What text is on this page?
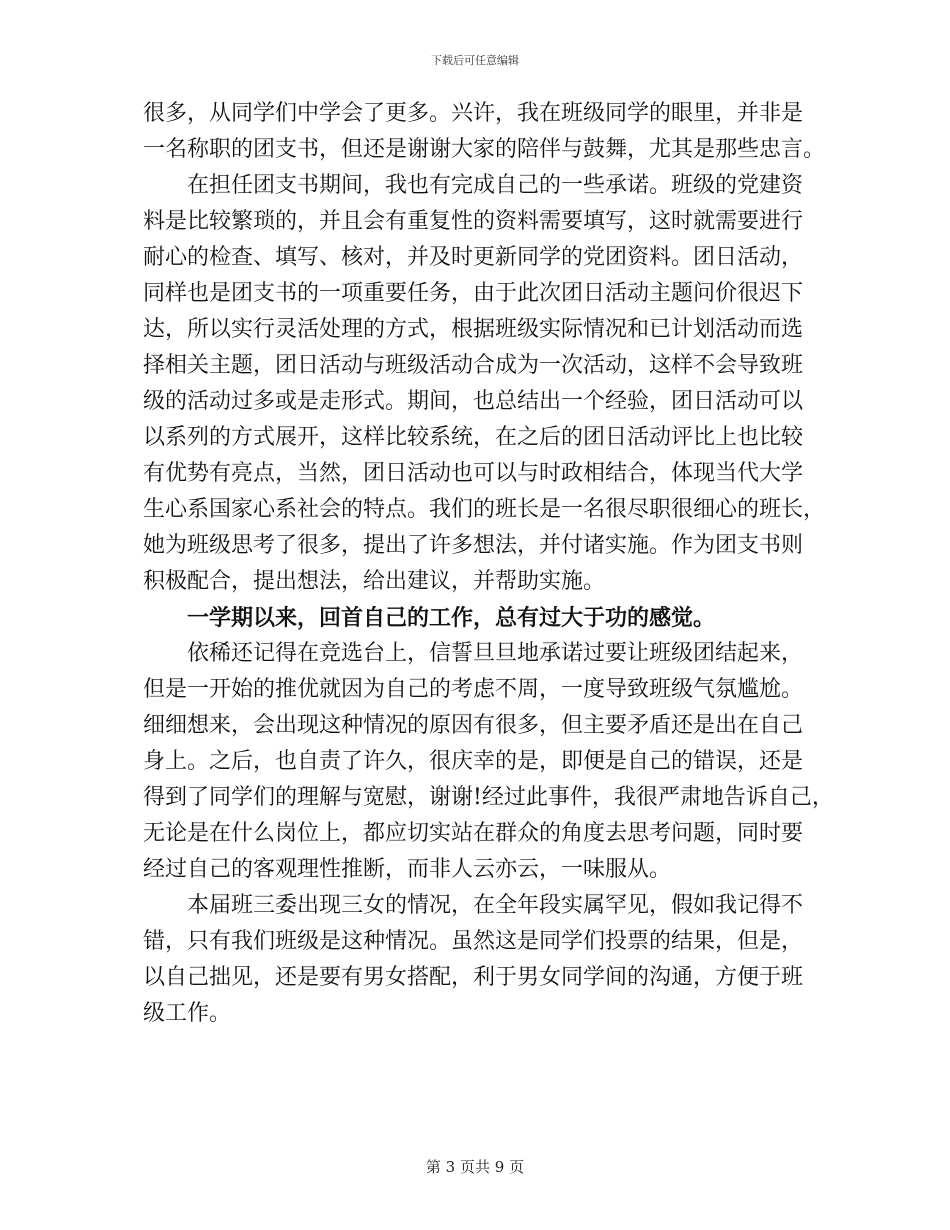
下载后可任意编辑
很多，从同学们中学会了更多。兴许，我在班级同学的眼里，并非是
一名称职的团支书，但还是谢谢大家的陪伴与鼓舞，尤其是那些忠言。
在担任团支书期间，我也有完成自己的一些承诺。班级的党建资
料是比较繁琐的，并且会有重复性的资料需要填写，这时就需要进行
耐心的检查、填写、核对，并及时更新同学的党团资料。团日活动，
同样也是团支书的一项重要任务，由于此次团日活动主题问价很迟下
达，所以实行灵活处理的方式，根据班级实际情况和已计划活动而选
择相关主题，团日活动与班级活动合成为一次活动，这样不会导致班
级的活动过多或是走形式。期间，也总结出一个经验，团日活动可以
以系列的方式展开，这样比较系统，在之后的团日活动评比上也比较
有优势有亮点，当然，团日活动也可以与时政相结合，体现当代大学
生心系国家心系社会的特点。我们的班长是一名很尽职很细心的班长，
她为班级思考了很多，提出了许多想法，并付诸实施。作为团支书则
积极配合，提出想法，给出建议，并帮助实施。
一学期以来，回首自己的工作，总有过大于功的感觉。
依稀还记得在竞选台上，信誓旦旦地承诺过要让班级团结起来，
但是一开始的推优就因为自己的考虑不周，一度导致班级气氛尴尬。
细细想来，会出现这种情况的原因有很多，但主要矛盾还是出在自己
身上。之后，也自责了许久，很庆幸的是，即便是自己的错误，还是
得到了同学们的理解与宽慰，谢谢!经过此事件，我很严肃地告诉自己，
无论是在什么岗位上，都应切实站在群众的角度去思考问题，同时要
经过自己的客观理性推断，而非人云亦云，一味服从。
本届班三委出现三女的情况，在全年段实属罕见，假如我记得不
错，只有我们班级是这种情况。虽然这是同学们投票的结果，但是，
以自己拙见，还是要有男女搭配，利于男女同学间的沟通，方便于班
级工作。
第 3 页共 9 页
